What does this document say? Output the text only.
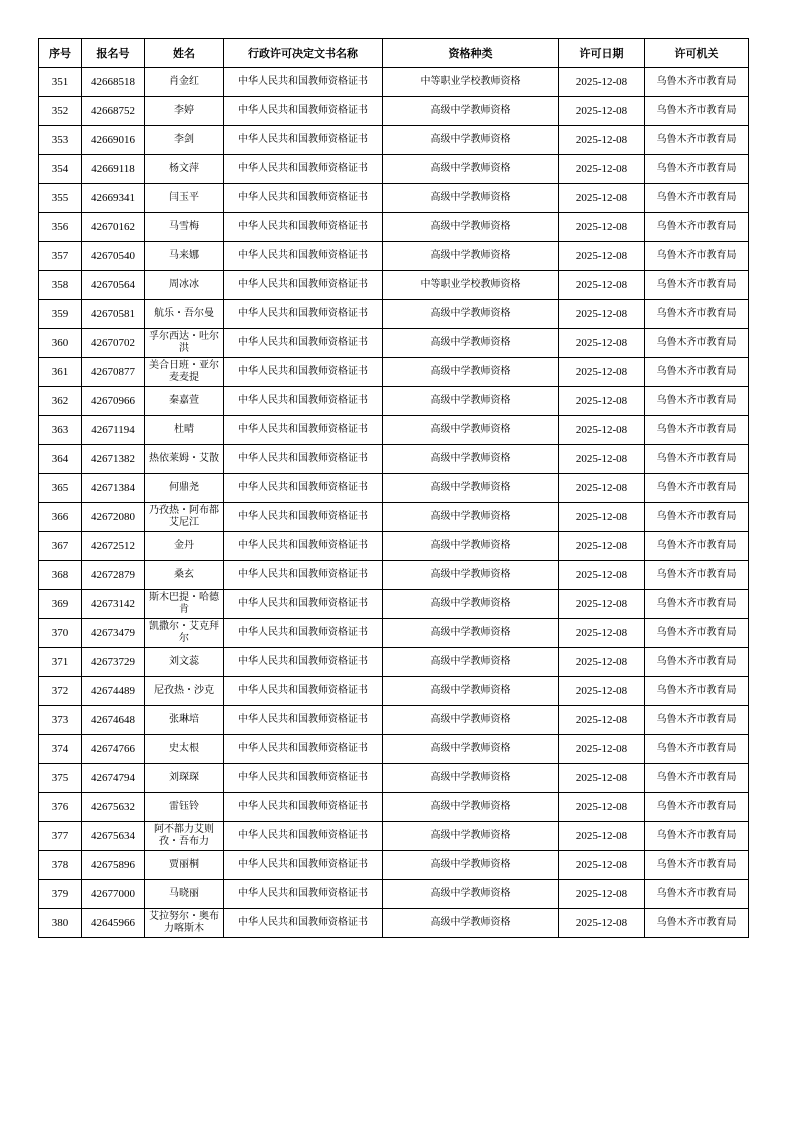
序号	报名号	姓名	行政许可决定文书名称	资格种类	许可日期	许可机关
351	42668518	肖金红	中华人民共和国教师资格证书	中等职业学校教师资格	2025-12-08	乌鲁木齐市教育局
352	42668752	李婷	中华人民共和国教师资格证书	高级中学教师资格	2025-12-08	乌鲁木齐市教育局
353	42669016	李剑	中华人民共和国教师资格证书	高级中学教师资格	2025-12-08	乌鲁木齐市教育局
354	42669118	杨文萍	中华人民共和国教师资格证书	高级中学教师资格	2025-12-08	乌鲁木齐市教育局
355	42669341	闫玉平	中华人民共和国教师资格证书	高级中学教师资格	2025-12-08	乌鲁木齐市教育局
356	42670162	马雪梅	中华人民共和国教师资格证书	高级中学教师资格	2025-12-08	乌鲁木齐市教育局
357	42670540	马来娜	中华人民共和国教师资格证书	高级中学教师资格	2025-12-08	乌鲁木齐市教育局
358	42670564	周冰冰	中华人民共和国教师资格证书	中等职业学校教师资格	2025-12-08	乌鲁木齐市教育局
359	42670581	航乐・吾尔曼	中华人民共和国教师资格证书	高级中学教师资格	2025-12-08	乌鲁木齐市教育局
360	42670702	孚尔西达・吐尔洪	中华人民共和国教师资格证书	高级中学教师资格	2025-12-08	乌鲁木齐市教育局
361	42670877	美合日班・亚尔麦麦提	中华人民共和国教师资格证书	高级中学教师资格	2025-12-08	乌鲁木齐市教育局
362	42670966	秦嘉萱	中华人民共和国教师资格证书	高级中学教师资格	2025-12-08	乌鲁木齐市教育局
363	42671194	杜晴	中华人民共和国教师资格证书	高级中学教师资格	2025-12-08	乌鲁木齐市教育局
364	42671382	热依莱姆・艾散	中华人民共和国教师资格证书	高级中学教师资格	2025-12-08	乌鲁木齐市教育局
365	42671384	何鼎尧	中华人民共和国教师资格证书	高级中学教师资格	2025-12-08	乌鲁木齐市教育局
366	42672080	乃孜热・阿布都艾尼江	中华人民共和国教师资格证书	高级中学教师资格	2025-12-08	乌鲁木齐市教育局
367	42672512	金丹	中华人民共和国教师资格证书	高级中学教师资格	2025-12-08	乌鲁木齐市教育局
368	42672879	桑玄	中华人民共和国教师资格证书	高级中学教师资格	2025-12-08	乌鲁木齐市教育局
369	42673142	斯木巴提・哈德肯	中华人民共和国教师资格证书	高级中学教师资格	2025-12-08	乌鲁木齐市教育局
370	42673479	凯撒尔・艾克拜尔	中华人民共和国教师资格证书	高级中学教师资格	2025-12-08	乌鲁木齐市教育局
371	42673729	刘文蕊	中华人民共和国教师资格证书	高级中学教师资格	2025-12-08	乌鲁木齐市教育局
372	42674489	尼孜热・沙克	中华人民共和国教师资格证书	高级中学教师资格	2025-12-08	乌鲁木齐市教育局
373	42674648	张琳培	中华人民共和国教师资格证书	高级中学教师资格	2025-12-08	乌鲁木齐市教育局
374	42674766	史太根	中华人民共和国教师资格证书	高级中学教师资格	2025-12-08	乌鲁木齐市教育局
375	42674794	刘琛琛	中华人民共和国教师资格证书	高级中学教师资格	2025-12-08	乌鲁木齐市教育局
376	42675632	雷钰铃	中华人民共和国教师资格证书	高级中学教师资格	2025-12-08	乌鲁木齐市教育局
377	42675634	阿不都力艾则孜・吾布力	中华人民共和国教师资格证书	高级中学教师资格	2025-12-08	乌鲁木齐市教育局
378	42675896	贾丽桐	中华人民共和国教师资格证书	高级中学教师资格	2025-12-08	乌鲁木齐市教育局
379	42677000	马晓丽	中华人民共和国教师资格证书	高级中学教师资格	2025-12-08	乌鲁木齐市教育局
380	42645966	艾拉努尔・奥布力喀斯木	中华人民共和国教师资格证书	高级中学教师资格	2025-12-08	乌鲁木齐市教育局
